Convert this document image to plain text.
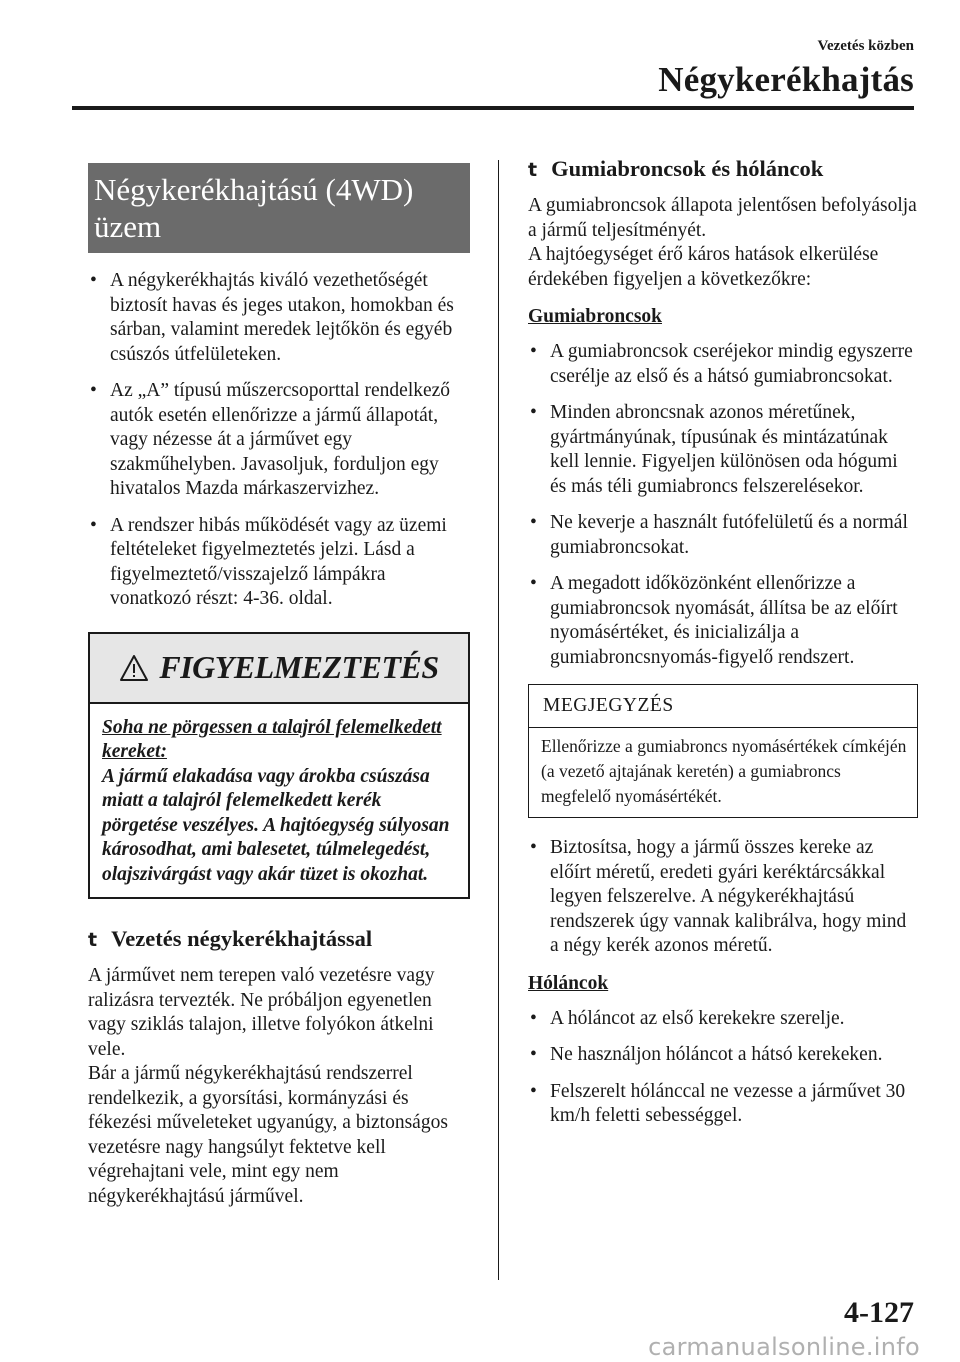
Vezetés közben
Négykerékhajtás
Négykerékhajtású (4WD)
üzem
• A négykerékhajtás kiváló vezethetőségét biztosít havas és jeges utakon, homokban és sárban, valamint meredek lejtőkön és egyéb csúszós útfelületeken.
• Az „A” típusú műszercsoporttal rendelkező autók esetén ellenőrizze a jármű állapotát, vagy nézesse át a járművet egy szakműhelyben. Javasoljuk, forduljon egy hivatalos Mazda márkaszervizhez.
• A rendszer hibás működését vagy az üzemi feltételeket figyelmeztetés jelzi. Lásd a figyelmeztető/visszajelző lámpákra vonatkozó részt: 4-36. oldal.
FIGYELMEZTETÉS
Soha ne pörgessen a talajról felemelkedett kereket:
A jármű elakadása vagy árokba csúszása miatt a talajról felemelkedett kerék pörgetése veszélyes. A hajtóegység súlyosan károsodhat, ami balesetet, túlmelegedést, olajszivárgást vagy akár tüzet is okozhat.
t Vezetés négykerékhajtással

A járművet nem terepen való vezetésre vagy ralizásra tervezték. Ne próbáljon egyenetlen vagy sziklás talajon, illetve folyókon átkelni vele.

Bár a jármű négykerékhajtású rendszerrel rendelkezik, a gyorsítási, kormányzási és fékezési műveleteket ugyanúgy, a biztonságos vezetésre nagy hangsúlyt fektetve kell végrehajtani vele, mint egy nem négykerékhajtású járművel.

t Gumiabroncsok és hóláncok

A gumiabroncsok állapota jelentősen befolyásolja a jármű teljesítményét.

A hajtóegységet érő káros hatások elkerülése érdekében figyeljen a következőkre:

Gumiabroncsok
• A gumiabroncsok cseréjekor mindig egyszerre cserélje az első és a hátsó gumiabroncsokat.
• Minden abroncsnak azonos méretűnek, gyártmányúnak, típusúnak és mintázatúnak kell lennie. Figyeljen különösen oda hógumi és más téli gumiabroncs felszerelésekor.
• Ne keverje a használt futófelületű és a normál gumiabroncsokat.
• A megadott időközönként ellenőrizze a gumiabroncsok nyomását, állítsa be az előírt nyomásértéket, és inicializálja a gumiabroncsnyomás-figyelő rendszert.
MEGJEGYZÉS
Ellenőrizze a gumiabroncs nyomásértékek címkéjén (a vezető ajtajának keretén) a gumiabroncs megfelelő nyomásértékét.
• Biztosítsa, hogy a jármű összes kereke az előírt méretű, eredeti gyári keréktárcsákkal legyen felszerelve. A négykerékhajtású rendszerek úgy vannak kalibrálva, hogy mind a négy kerék azonos méretű.
Hóláncok
• A hóláncot az első kerekekre szerelje.
• Ne használjon hóláncot a hátsó kerekeken.
• Felszerelt hólánccal ne vezesse a járművet 30 km/h feletti sebességgel.
4-127
carmanualsonline.info
